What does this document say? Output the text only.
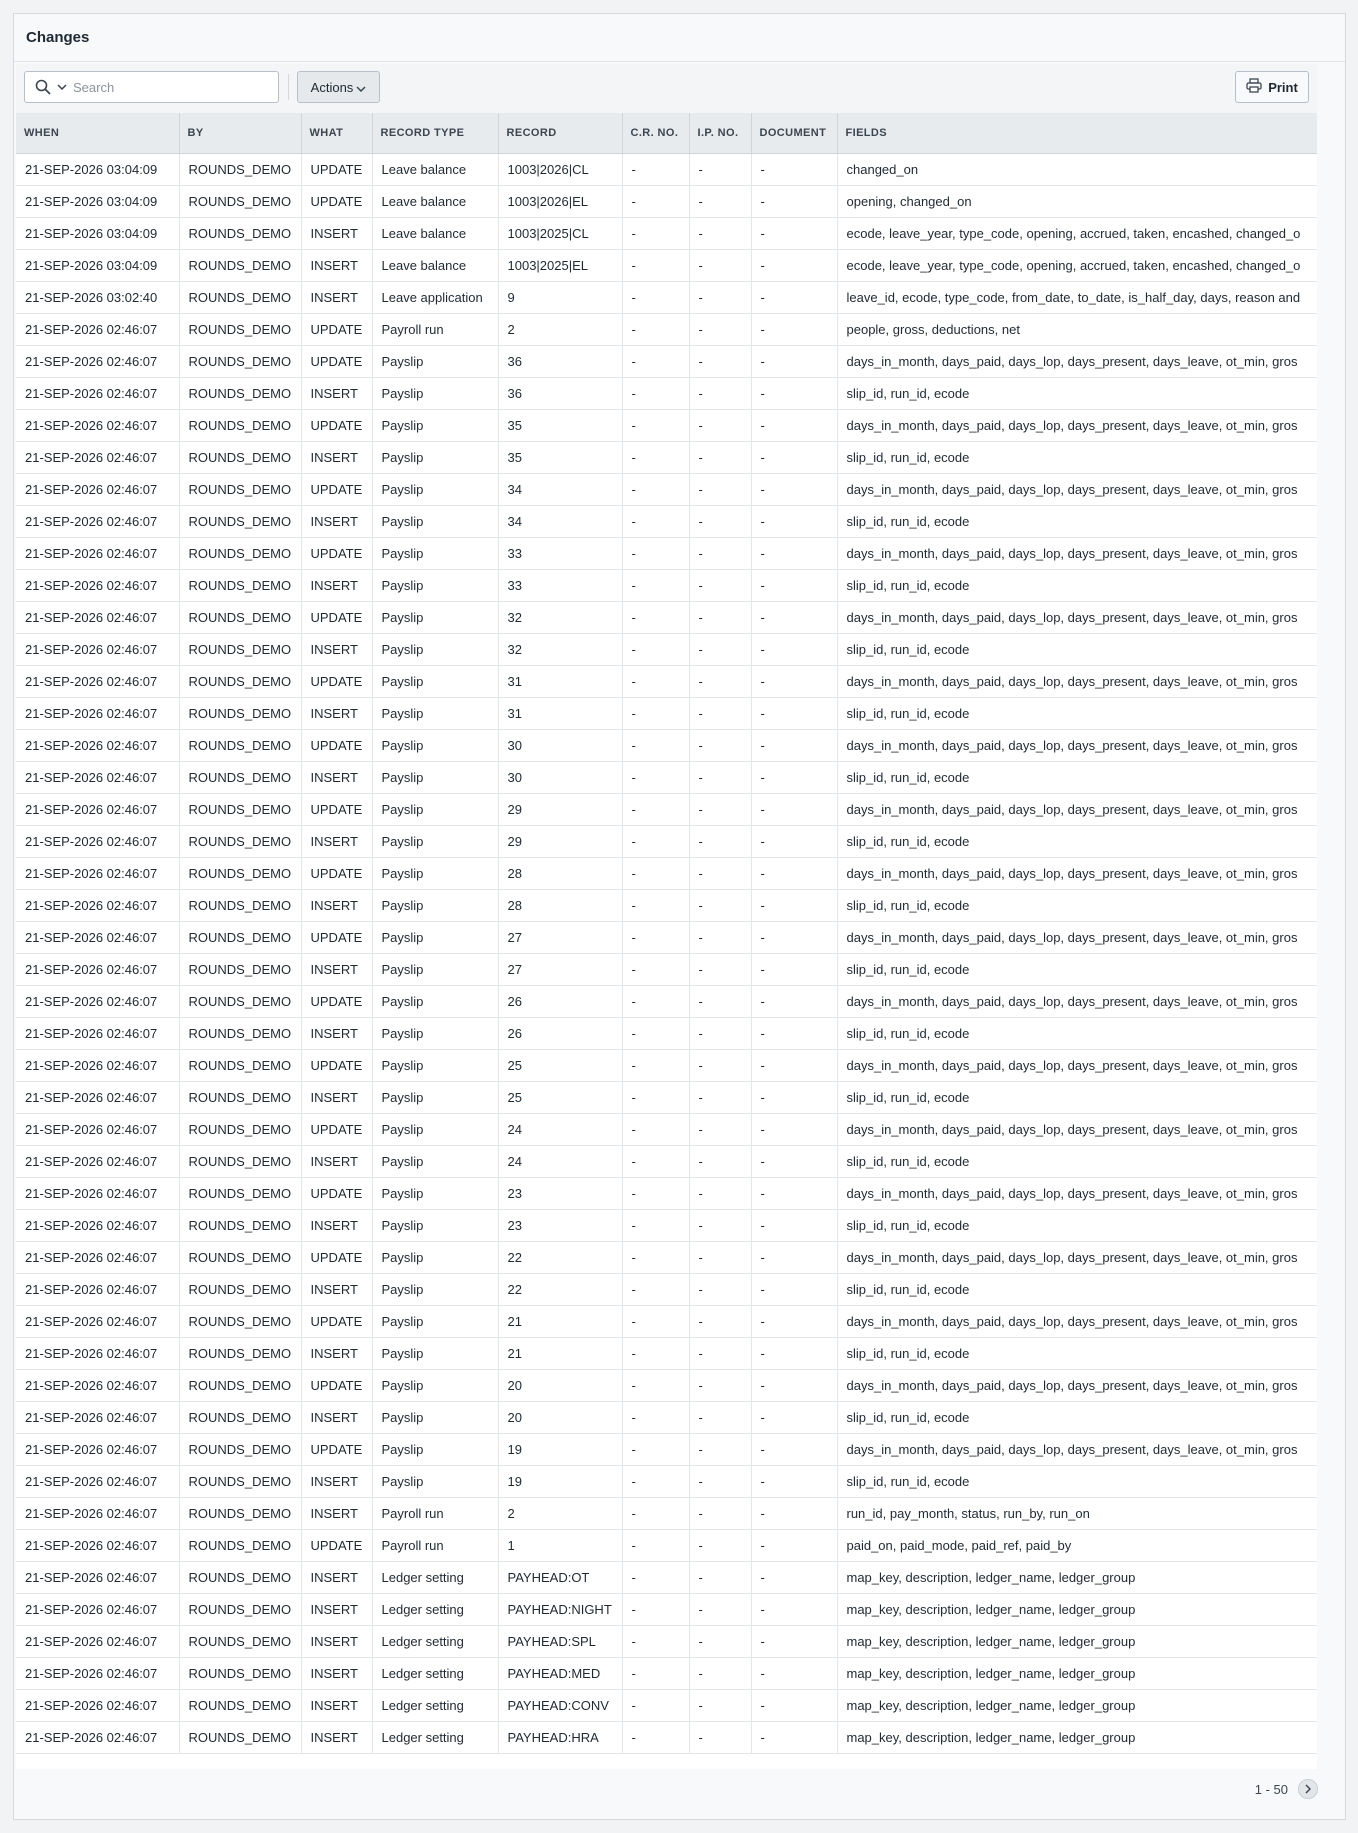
Changes
Search
Actions	Print
WHEN	BY	WHAT	RECORD TYPE	RECORD	C.R. NO.	I.P. NO.	DOCUMENT	FIELDS
21-SEP-2026 03:04:09	ROUNDS_DEMO	UPDATE	Leave balance	1003|2026|CL	-	-	-	changed_on
21-SEP-2026 03:04:09	ROUNDS_DEMO	UPDATE	Leave balance	1003|2026|EL	-	-	-	opening, changed_on
21-SEP-2026 03:04:09	ROUNDS_DEMO	INSERT	Leave balance	1003|2025|CL	-	-	-	ecode, leave_year, type_code, opening, accrued, taken, encashed, changed_o
21-SEP-2026 03:04:09	ROUNDS_DEMO	INSERT	Leave balance	1003|2025|EL	-	-	-	ecode, leave_year, type_code, opening, accrued, taken, encashed, changed_o
21-SEP-2026 03:02:40	ROUNDS_DEMO	INSERT	Leave application	9	-	-	-	leave_id, ecode, type_code, from_date, to_date, is_half_day, days, reason and
21-SEP-2026 02:46:07	ROUNDS_DEMO	UPDATE	Payroll run	2	-	-	-	people, gross, deductions, net
21-SEP-2026 02:46:07	ROUNDS_DEMO	UPDATE	Payslip	36	-	-	-	days_in_month, days_paid, days_lop, days_present, days_leave, ot_min, gros
21-SEP-2026 02:46:07	ROUNDS_DEMO	INSERT	Payslip	36	-	-	-	slip_id, run_id, ecode
21-SEP-2026 02:46:07	ROUNDS_DEMO	UPDATE	Payslip	35	-	-	-	days_in_month, days_paid, days_lop, days_present, days_leave, ot_min, gros
21-SEP-2026 02:46:07	ROUNDS_DEMO	INSERT	Payslip	35	-	-	-	slip_id, run_id, ecode
21-SEP-2026 02:46:07	ROUNDS_DEMO	UPDATE	Payslip	34	-	-	-	days_in_month, days_paid, days_lop, days_present, days_leave, ot_min, gros
21-SEP-2026 02:46:07	ROUNDS_DEMO	INSERT	Payslip	34	-	-	-	slip_id, run_id, ecode
21-SEP-2026 02:46:07	ROUNDS_DEMO	UPDATE	Payslip	33	-	-	-	days_in_month, days_paid, days_lop, days_present, days_leave, ot_min, gros
21-SEP-2026 02:46:07	ROUNDS_DEMO	INSERT	Payslip	33	-	-	-	slip_id, run_id, ecode
21-SEP-2026 02:46:07	ROUNDS_DEMO	UPDATE	Payslip	32	-	-	-	days_in_month, days_paid, days_lop, days_present, days_leave, ot_min, gros
21-SEP-2026 02:46:07	ROUNDS_DEMO	INSERT	Payslip	32	-	-	-	slip_id, run_id, ecode
21-SEP-2026 02:46:07	ROUNDS_DEMO	UPDATE	Payslip	31	-	-	-	days_in_month, days_paid, days_lop, days_present, days_leave, ot_min, gros
21-SEP-2026 02:46:07	ROUNDS_DEMO	INSERT	Payslip	31	-	-	-	slip_id, run_id, ecode
21-SEP-2026 02:46:07	ROUNDS_DEMO	UPDATE	Payslip	30	-	-	-	days_in_month, days_paid, days_lop, days_present, days_leave, ot_min, gros
21-SEP-2026 02:46:07	ROUNDS_DEMO	INSERT	Payslip	30	-	-	-	slip_id, run_id, ecode
21-SEP-2026 02:46:07	ROUNDS_DEMO	UPDATE	Payslip	29	-	-	-	days_in_month, days_paid, days_lop, days_present, days_leave, ot_min, gros
21-SEP-2026 02:46:07	ROUNDS_DEMO	INSERT	Payslip	29	-	-	-	slip_id, run_id, ecode
21-SEP-2026 02:46:07	ROUNDS_DEMO	UPDATE	Payslip	28	-	-	-	days_in_month, days_paid, days_lop, days_present, days_leave, ot_min, gros
21-SEP-2026 02:46:07	ROUNDS_DEMO	INSERT	Payslip	28	-	-	-	slip_id, run_id, ecode
21-SEP-2026 02:46:07	ROUNDS_DEMO	UPDATE	Payslip	27	-	-	-	days_in_month, days_paid, days_lop, days_present, days_leave, ot_min, gros
21-SEP-2026 02:46:07	ROUNDS_DEMO	INSERT	Payslip	27	-	-	-	slip_id, run_id, ecode
21-SEP-2026 02:46:07	ROUNDS_DEMO	UPDATE	Payslip	26	-	-	-	days_in_month, days_paid, days_lop, days_present, days_leave, ot_min, gros
21-SEP-2026 02:46:07	ROUNDS_DEMO	INSERT	Payslip	26	-	-	-	slip_id, run_id, ecode
21-SEP-2026 02:46:07	ROUNDS_DEMO	UPDATE	Payslip	25	-	-	-	days_in_month, days_paid, days_lop, days_present, days_leave, ot_min, gros
21-SEP-2026 02:46:07	ROUNDS_DEMO	INSERT	Payslip	25	-	-	-	slip_id, run_id, ecode
21-SEP-2026 02:46:07	ROUNDS_DEMO	UPDATE	Payslip	24	-	-	-	days_in_month, days_paid, days_lop, days_present, days_leave, ot_min, gros
21-SEP-2026 02:46:07	ROUNDS_DEMO	INSERT	Payslip	24	-	-	-	slip_id, run_id, ecode
21-SEP-2026 02:46:07	ROUNDS_DEMO	UPDATE	Payslip	23	-	-	-	days_in_month, days_paid, days_lop, days_present, days_leave, ot_min, gros
21-SEP-2026 02:46:07	ROUNDS_DEMO	INSERT	Payslip	23	-	-	-	slip_id, run_id, ecode
21-SEP-2026 02:46:07	ROUNDS_DEMO	UPDATE	Payslip	22	-	-	-	days_in_month, days_paid, days_lop, days_present, days_leave, ot_min, gros
21-SEP-2026 02:46:07	ROUNDS_DEMO	INSERT	Payslip	22	-	-	-	slip_id, run_id, ecode
21-SEP-2026 02:46:07	ROUNDS_DEMO	UPDATE	Payslip	21	-	-	-	days_in_month, days_paid, days_lop, days_present, days_leave, ot_min, gros
21-SEP-2026 02:46:07	ROUNDS_DEMO	INSERT	Payslip	21	-	-	-	slip_id, run_id, ecode
21-SEP-2026 02:46:07	ROUNDS_DEMO	UPDATE	Payslip	20	-	-	-	days_in_month, days_paid, days_lop, days_present, days_leave, ot_min, gros
21-SEP-2026 02:46:07	ROUNDS_DEMO	INSERT	Payslip	20	-	-	-	slip_id, run_id, ecode
21-SEP-2026 02:46:07	ROUNDS_DEMO	UPDATE	Payslip	19	-	-	-	days_in_month, days_paid, days_lop, days_present, days_leave, ot_min, gros
21-SEP-2026 02:46:07	ROUNDS_DEMO	INSERT	Payslip	19	-	-	-	slip_id, run_id, ecode
21-SEP-2026 02:46:07	ROUNDS_DEMO	INSERT	Payroll run	2	-	-	-	run_id, pay_month, status, run_by, run_on
21-SEP-2026 02:46:07	ROUNDS_DEMO	UPDATE	Payroll run	1	-	-	-	paid_on, paid_mode, paid_ref, paid_by
21-SEP-2026 02:46:07	ROUNDS_DEMO	INSERT	Ledger setting	PAYHEAD:OT	-	-	-	map_key, description, ledger_name, ledger_group
21-SEP-2026 02:46:07	ROUNDS_DEMO	INSERT	Ledger setting	PAYHEAD:NIGHT	-	-	-	map_key, description, ledger_name, ledger_group
21-SEP-2026 02:46:07	ROUNDS_DEMO	INSERT	Ledger setting	PAYHEAD:SPL	-	-	-	map_key, description, ledger_name, ledger_group
21-SEP-2026 02:46:07	ROUNDS_DEMO	INSERT	Ledger setting	PAYHEAD:MED	-	-	-	map_key, description, ledger_name, ledger_group
21-SEP-2026 02:46:07	ROUNDS_DEMO	INSERT	Ledger setting	PAYHEAD:CONV	-	-	-	map_key, description, ledger_name, ledger_group
21-SEP-2026 02:46:07	ROUNDS_DEMO	INSERT	Ledger setting	PAYHEAD:HRA	-	-	-	map_key, description, ledger_name, ledger_group
1 - 50
